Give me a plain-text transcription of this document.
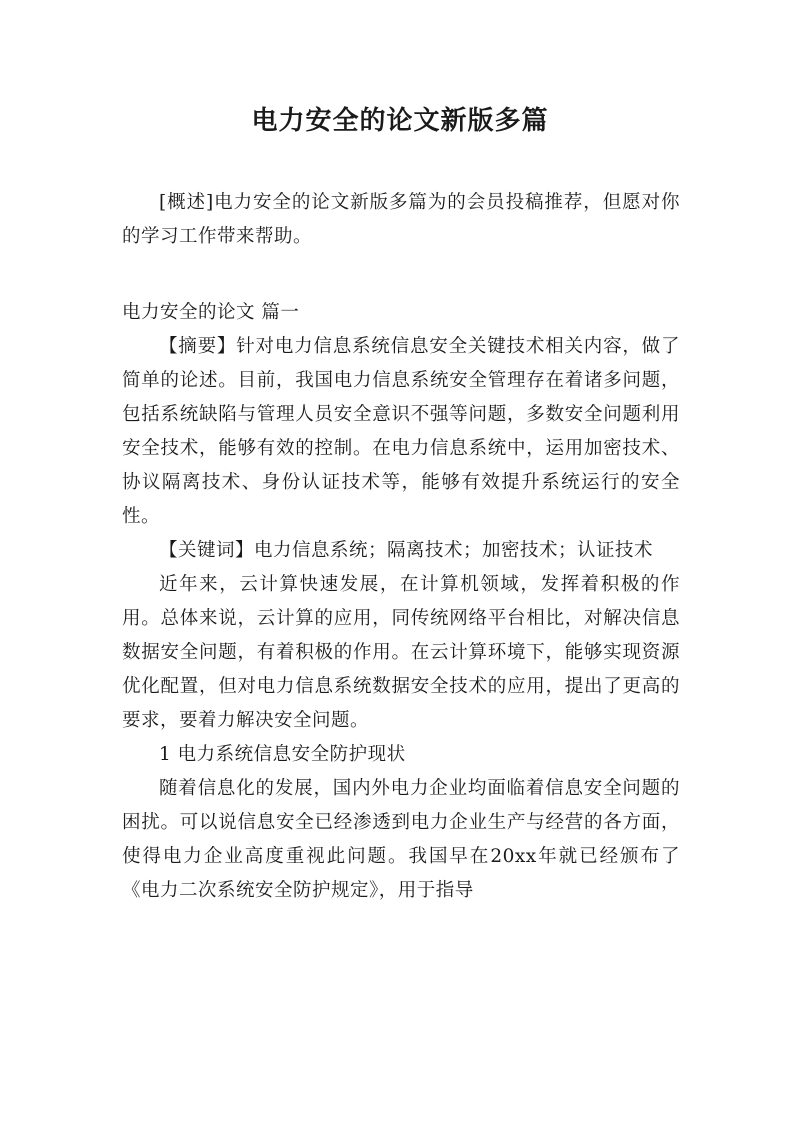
电力安全的论文新版多篇

[概述]电力安全的论文新版多篇为的会员投稿推荐，但愿对你的学习工作带来帮助。

电力安全的论文 篇一

【摘要】针对电力信息系统信息安全关键技术相关内容，做了简单的论述。目前，我国电力信息系统安全管理存在着诸多问题，包括系统缺陷与管理人员安全意识不强等问题，多数安全问题利用安全技术，能够有效的控制。在电力信息系统中，运用加密技术、协议隔离技术、身份认证技术等，能够有效提升系统运行的安全性。

【关键词】电力信息系统；隔离技术；加密技术；认证技术

近年来，云计算快速发展，在计算机领域，发挥着积极的作用。总体来说，云计算的应用，同传统网络平台相比，对解决信息数据安全问题，有着积极的作用。在云计算环境下，能够实现资源优化配置，但对电力信息系统数据安全技术的应用，提出了更高的要求，要着力解决安全问题。

1 电力系统信息安全防护现状

随着信息化的发展，国内外电力企业均面临着信息安全问题的困扰。可以说信息安全已经渗透到电力企业生产与经营的各方面，使得电力企业高度重视此问题。我国早在20xx年就已经颁布了《电力二次系统安全防护规定》，用于指导
